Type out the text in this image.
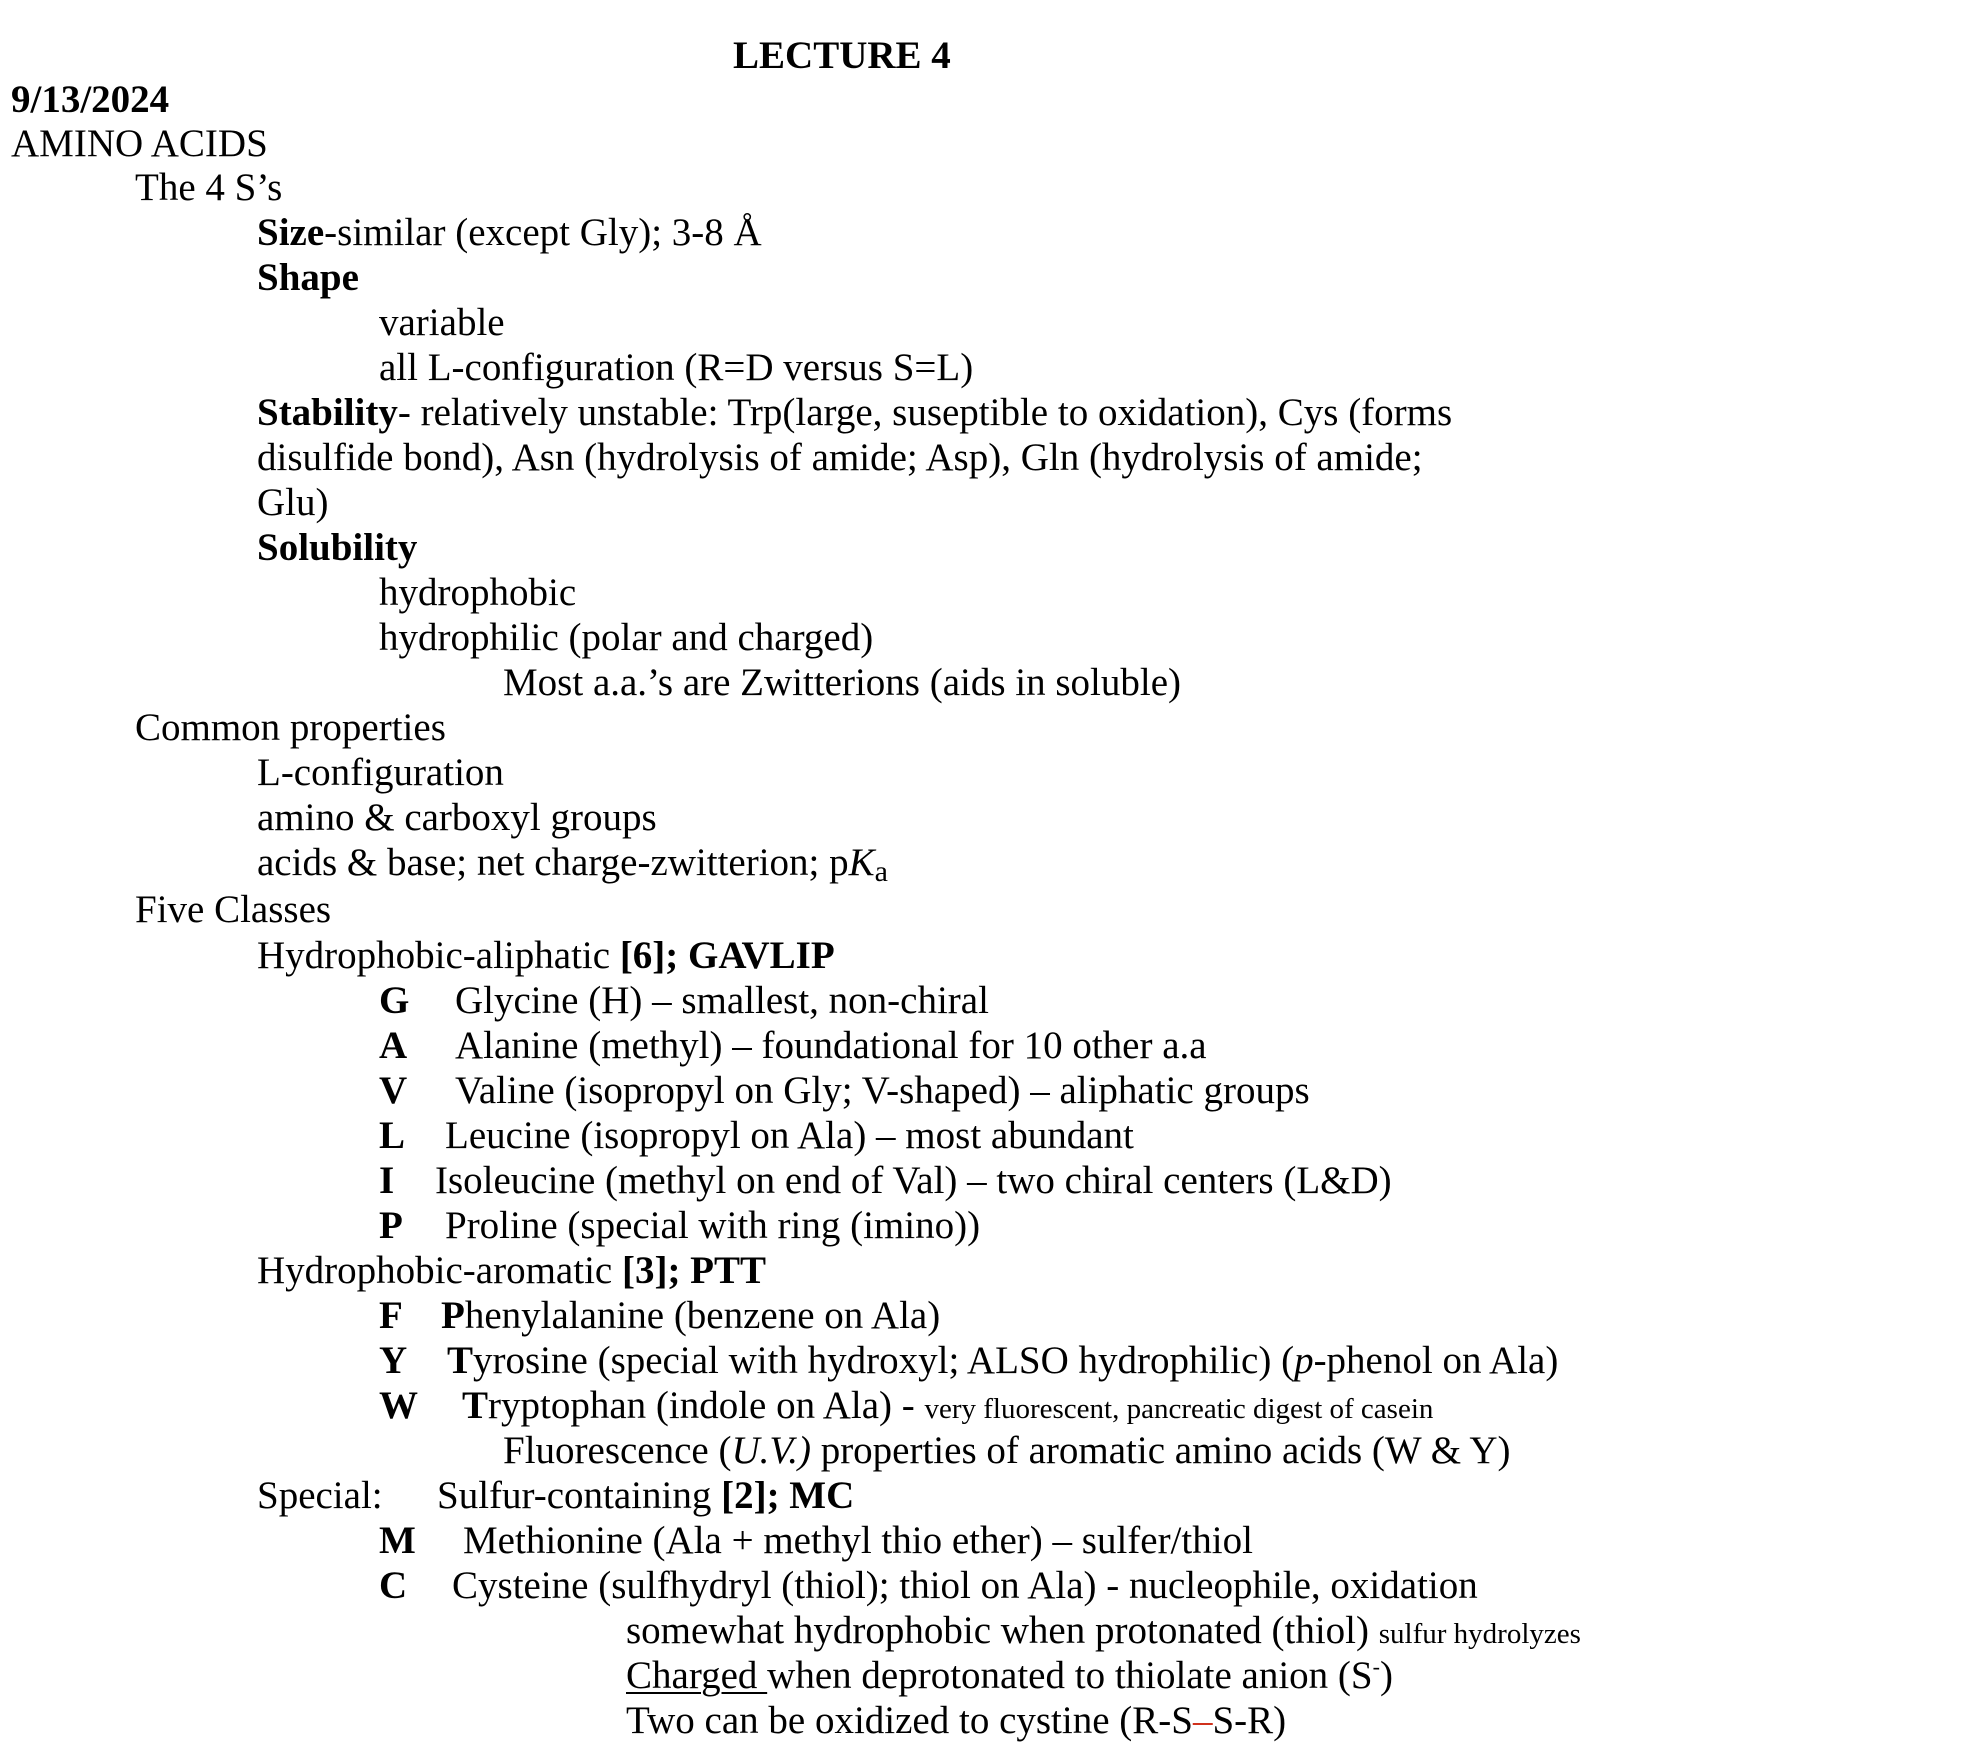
LECTURE 4
9/13/2024
AMINO ACIDS
The 4 S’s
Size-similar (except Gly); 3-8 Å
Shape
variable
all L-configuration (R=D versus S=L)
Stability- relatively unstable: Trp(large, suseptible to oxidation), Cys (forms
disulfide bond), Asn (hydrolysis of amide; Asp), Gln (hydrolysis of amide;
Glu)
Solubility
hydrophobic
hydrophilic (polar and charged)
Most a.a.’s are Zwitterions (aids in soluble)
Common properties
L-configuration
amino & carboxyl groups
acids & base; net charge-zwitterion; pKa
Five Classes
Hydrophobic-aliphatic [6]; GAVLIP
G Glycine (H) – smallest, non-chiral
A Alanine (methyl) – foundational for 10 other a.a
V Valine (isopropyl on Gly; V-shaped) – aliphatic groups
L Leucine (isopropyl on Ala) – most abundant
I Isoleucine (methyl on end of Val) – two chiral centers (L&D)
P Proline (special with ring (imino))
Hydrophobic-aromatic [3]; PTT
F Phenylalanine (benzene on Ala)
Y Tyrosine (special with hydroxyl; ALSO hydrophilic) (p-phenol on Ala)
W Tryptophan (indole on Ala) - very fluorescent, pancreatic digest of casein
Fluorescence (U.V.) properties of aromatic amino acids (W & Y)
Special: Sulfur-containing [2]; MC
M Methionine (Ala + methyl thio ether) – sulfer/thiol
C Cysteine (sulfhydryl (thiol); thiol on Ala) - nucleophile, oxidation
somewhat hydrophobic when protonated (thiol) sulfur hydrolyzes
Charged when deprotonated to thiolate anion (S-)
Two can be oxidized to cystine (R-S–S-R)
